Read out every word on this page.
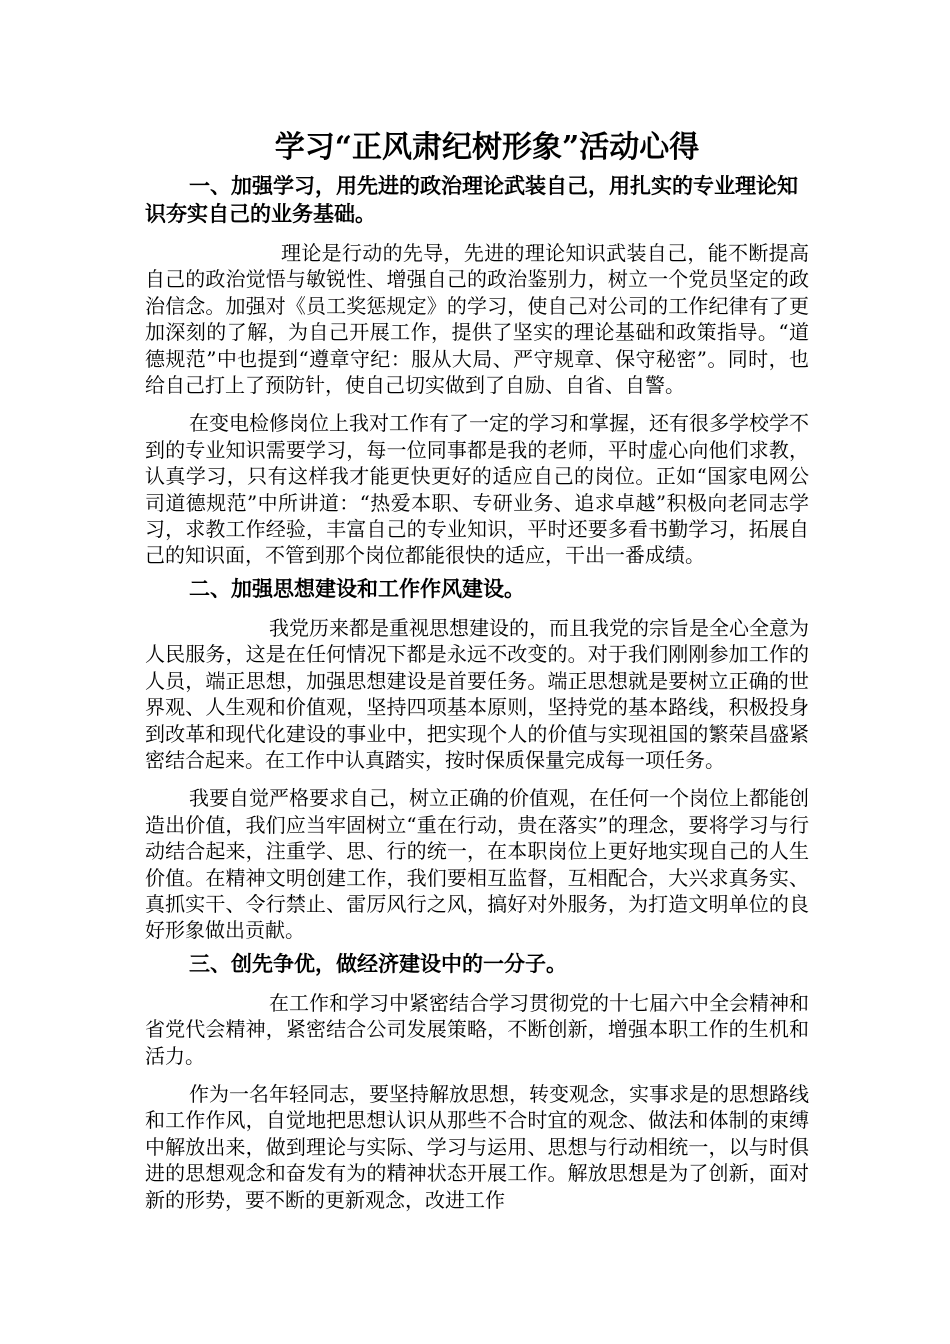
学习“正风肃纪树形象”活动心得

一、加强学习，用先进的政治理论武装自己，用扎实的专业理论知识夯实自己的业务基础。

理论是行动的先导，先进的理论知识武装自己，能不断提高自己的政治觉悟与敏锐性、增强自己的政治鉴别力，树立一个党员坚定的政治信念。加强对《员工奖惩规定》的学习，使自己对公司的工作纪律有了更加深刻的了解，为自己开展工作，提供了坚实的理论基础和政策指导。“道德规范”中也提到“遵章守纪：服从大局、严守规章、保守秘密”。同时，也给自己打上了预防针，使自己切实做到了自励、自省、自警。

在变电检修岗位上我对工作有了一定的学习和掌握，还有很多学校学不到的专业知识需要学习，每一位同事都是我的老师，平时虚心向他们求教，认真学习，只有这样我才能更快更好的适应自己的岗位。正如“国家电网公司道德规范”中所讲道：“热爱本职、专研业务、追求卓越”积极向老同志学习，求教工作经验，丰富自己的专业知识，平时还要多看书勤学习，拓展自己的知识面，不管到那个岗位都能很快的适应，干出一番成绩。

二、加强思想建设和工作作风建设。

我党历来都是重视思想建设的，而且我党的宗旨是全心全意为人民服务，这是在任何情况下都是永远不改变的。对于我们刚刚参加工作的人员，端正思想，加强思想建设是首要任务。端正思想就是要树立正确的世界观、人生观和价值观，坚持四项基本原则，坚持党的基本路线，积极投身到改革和现代化建设的事业中，把实现个人的价值与实现祖国的繁荣昌盛紧密结合起来。在工作中认真踏实，按时保质保量完成每一项任务。

我要自觉严格要求自己，树立正确的价值观，在任何一个岗位上都能创造出价值，我们应当牢固树立“重在行动，贵在落实”的理念，要将学习与行动结合起来，注重学、思、行的统一，在本职岗位上更好地实现自己的人生价值。在精神文明创建工作，我们要相互监督，互相配合，大兴求真务实、真抓实干、令行禁止、雷厉风行之风，搞好对外服务，为打造文明单位的良好形象做出贡献。

三、创先争优，做经济建设中的一分子。

在工作和学习中紧密结合学习贯彻党的十七届六中全会精神和省党代会精神，紧密结合公司发展策略，不断创新，增强本职工作的生机和活力。

作为一名年轻同志，要坚持解放思想，转变观念，实事求是的思想路线和工作作风，自觉地把思想认识从那些不合时宜的观念、做法和体制的束缚中解放出来，做到理论与实际、学习与运用、思想与行动相统一，以与时俱进的思想观念和奋发有为的精神状态开展工作。解放思想是为了创新，面对新的形势，要不断的更新观念，改进工作
